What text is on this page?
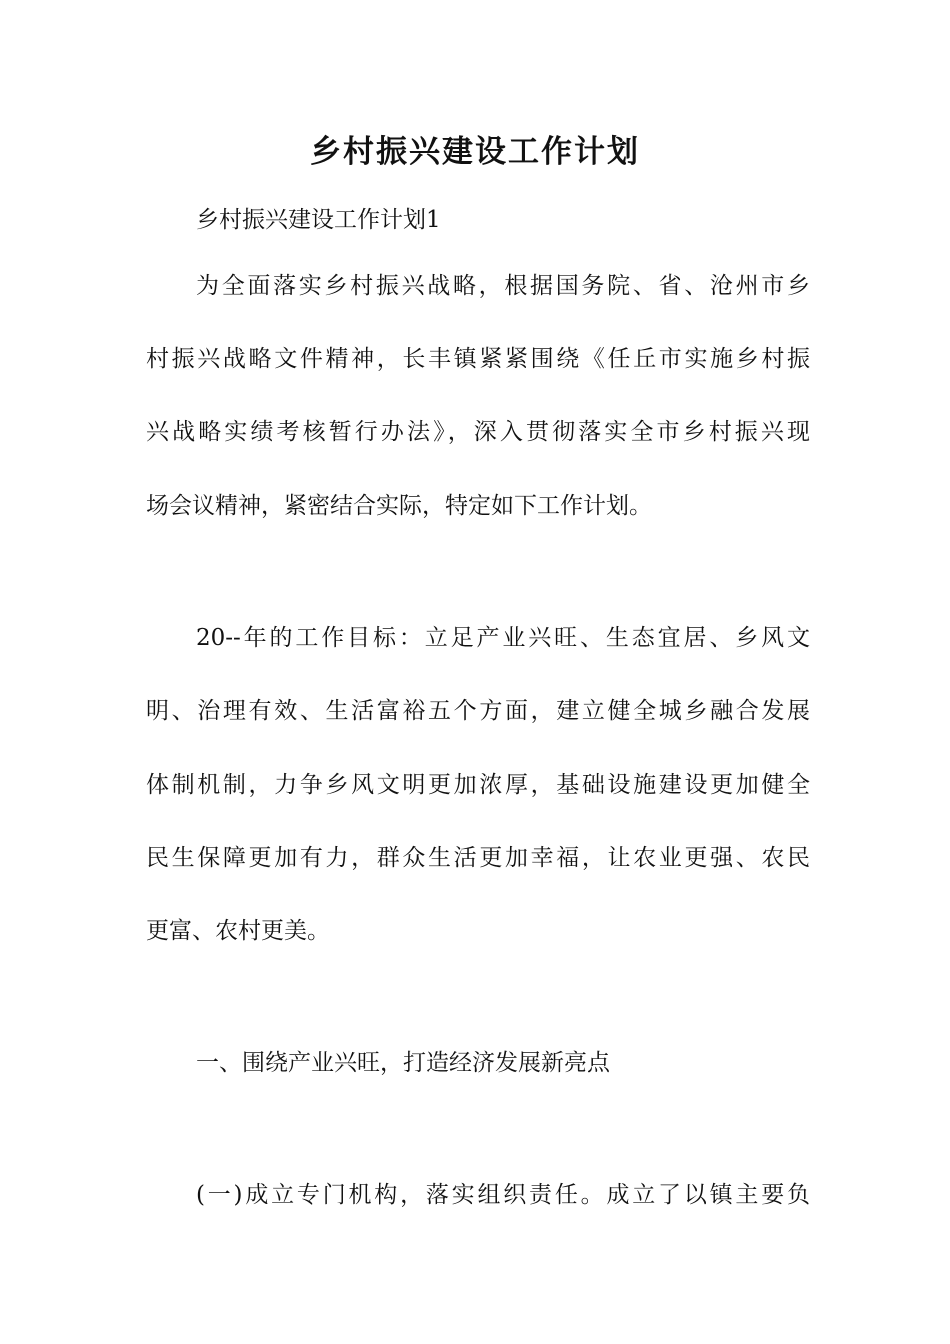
乡村振兴建设工作计划
乡村振兴建设工作计划1
为全面落实乡村振兴战略，根据国务院、省、沧州市乡
村振兴战略文件精神，长丰镇紧紧围绕《任丘市实施乡村振
兴战略实绩考核暂行办法》，深入贯彻落实全市乡村振兴现
场会议精神，紧密结合实际，特定如下工作计划。
20--年的工作目标：立足产业兴旺、生态宜居、乡风文
明、治理有效、生活富裕五个方面，建立健全城乡融合发展
体制机制，力争乡风文明更加浓厚，基础设施建设更加健全
民生保障更加有力，群众生活更加幸福，让农业更强、农民
更富、农村更美。
一、围绕产业兴旺，打造经济发展新亮点
(一)成立专门机构，落实组织责任。成立了以镇主要负
